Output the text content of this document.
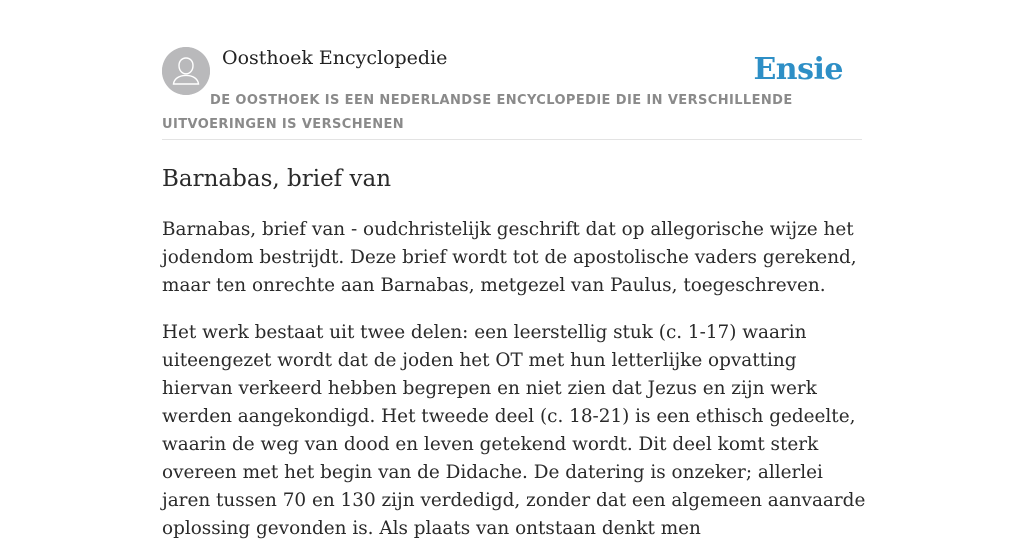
Oosthoek Encyclopedie	Ensie
DE OOSTHOEK IS EEN NEDERLANDSE ENCYCLOPEDIE DIE IN VERSCHILLENDE UITVOERINGEN IS VERSCHENEN
Barnabas, brief van

Barnabas, brief van - oudchristelijk geschrift dat op allegorische wijze het jodendom bestrijdt. Deze brief wordt tot de apostolische vaders gerekend, maar ten onrechte aan Barnabas, metgezel van Paulus, toegeschreven.

Het werk bestaat uit twee delen: een leerstellig stuk (c. 1-17) waarin uiteengezet wordt dat de joden het OT met hun letterlijke opvatting hiervan verkeerd hebben begrepen en niet zien dat Jezus en zijn werk werden aangekondigd. Het tweede deel (c. 18-21) is een ethisch gedeelte, waarin de weg van dood en leven getekend wordt. Dit deel komt sterk overeen met het begin van de Didache. De datering is onzeker; allerlei jaren tussen 70 en 130 zijn verdedigd, zonder dat een algemeen aanvaarde oplossing gevonden is. Als plaats van ontstaan denkt men
